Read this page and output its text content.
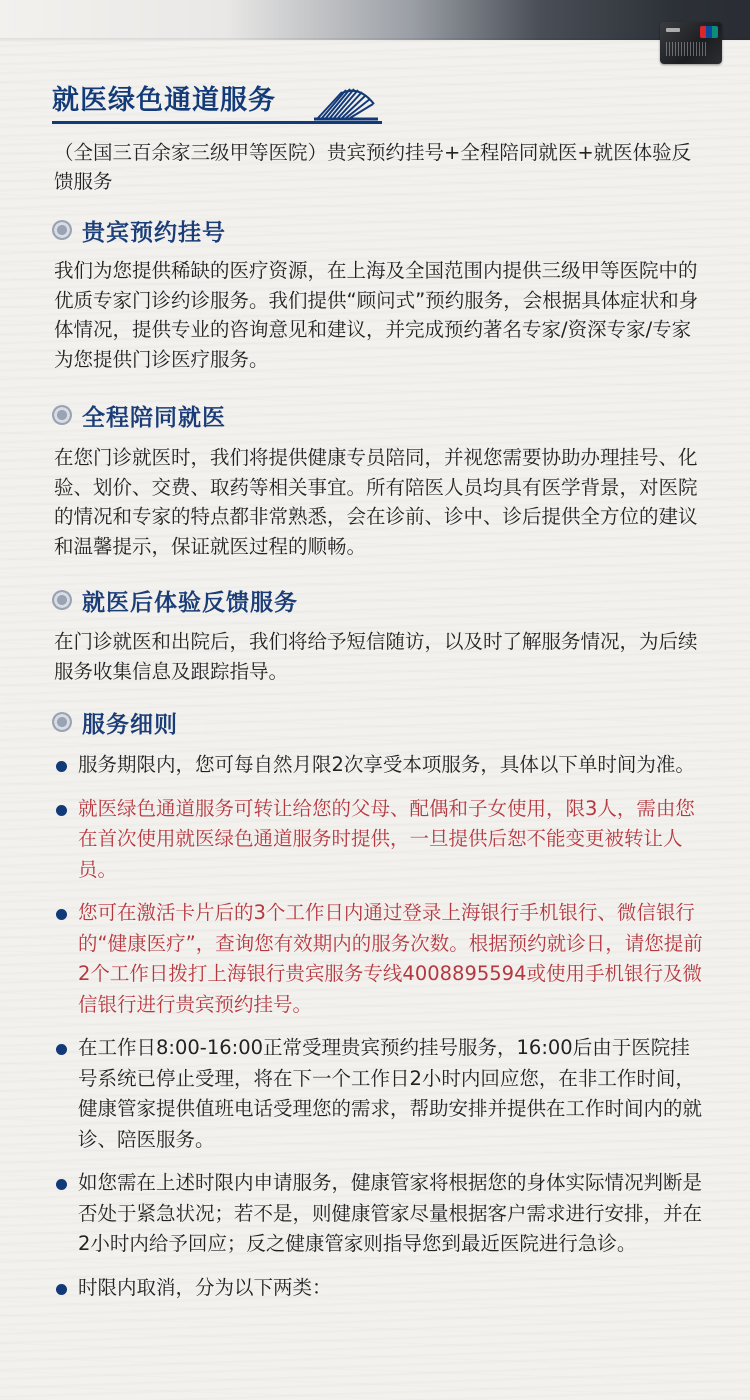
就医绿色通道服务
（全国三百余家三级甲等医院）贵宾预约挂号+全程陪同就医+就医体验反馈服务
贵宾预约挂号
我们为您提供稀缺的医疗资源，在上海及全国范围内提供三级甲等医院中的优质专家门诊约诊服务。我们提供“顾问式”预约服务，会根据具体症状和身体情况，提供专业的咨询意见和建议，并完成预约著名专家/资深专家/专家为您提供门诊医疗服务。
全程陪同就医
在您门诊就医时，我们将提供健康专员陪同，并视您需要协助办理挂号、化验、划价、交费、取药等相关事宜。所有陪医人员均具有医学背景，对医院的情况和专家的特点都非常熟悉，会在诊前、诊中、诊后提供全方位的建议和温馨提示，保证就医过程的顺畅。
就医后体验反馈服务
在门诊就医和出院后，我们将给予短信随访，以及时了解服务情况，为后续服务收集信息及跟踪指导。
服务细则
服务期限内，您可每自然月限2次享受本项服务，具体以下单时间为准。
就医绿色通道服务可转让给您的父母、配偶和子女使用，限3人，需由您在首次使用就医绿色通道服务时提供，一旦提供后恕不能变更被转让人员。
您可在激活卡片后的3个工作日内通过登录上海银行手机银行、微信银行的“健康医疗”，查询您有效期内的服务次数。根据预约就诊日，请您提前2个工作日拨打上海银行贵宾服务专线4008895594或使用手机银行及微信银行进行贵宾预约挂号。
在工作日8:00-16:00正常受理贵宾预约挂号服务，16:00后由于医院挂号系统已停止受理，将在下一个工作日2小时内回应您，在非工作时间，健康管家提供值班电话受理您的需求，帮助安排并提供在工作时间内的就诊、陪医服务。
如您需在上述时限内申请服务，健康管家将根据您的身体实际情况判断是否处于紧急状况；若不是，则健康管家尽量根据客户需求进行安排，并在2小时内给予回应；反之健康管家则指导您到最近医院进行急诊。
时限内取消，分为以下两类：
